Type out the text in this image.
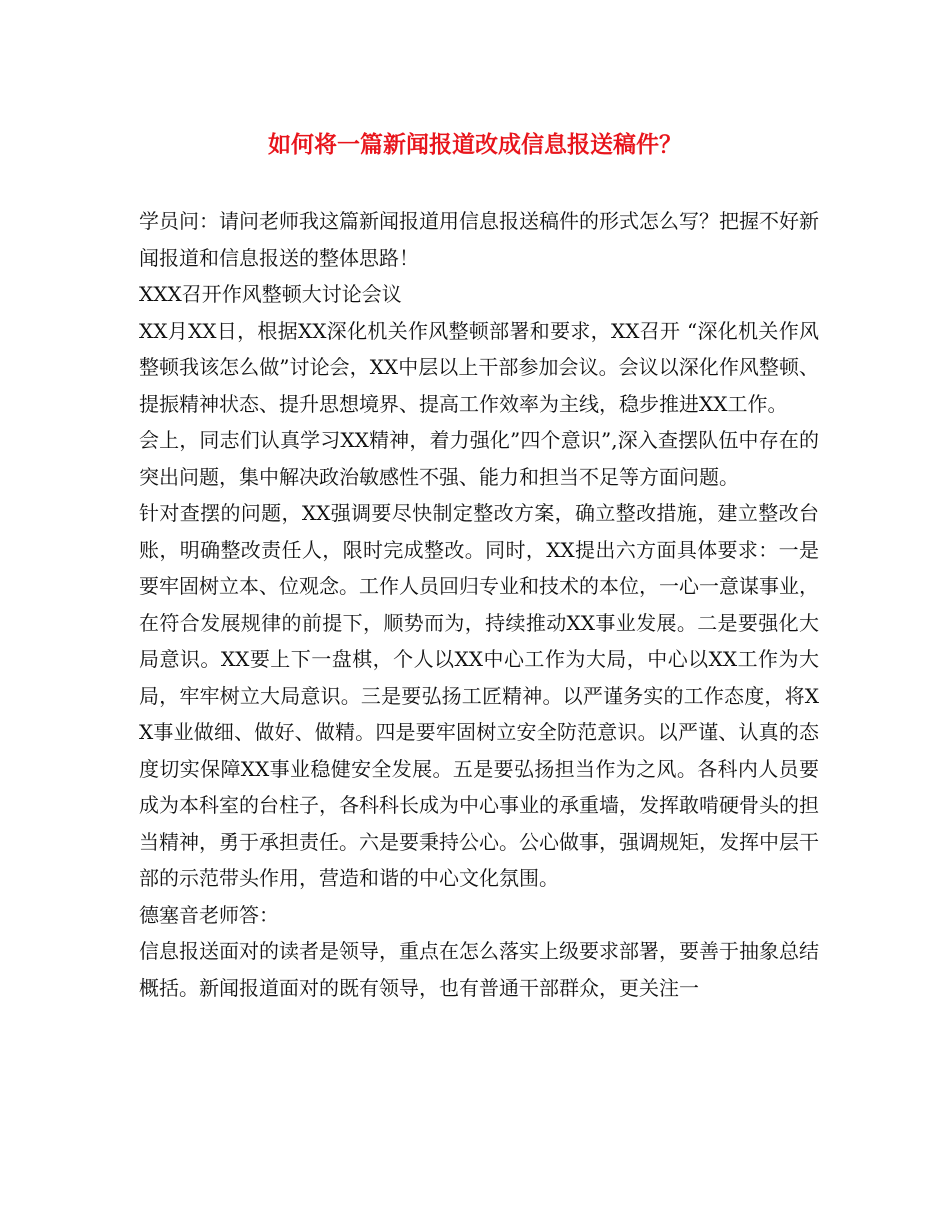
如何将一篇新闻报道改成信息报送稿件？

学员问：请问老师我这篇新闻报道用信息报送稿件的形式怎么写？把握不好新闻报道和信息报送的整体思路！

XXX召开作风整顿大讨论会议

XX月XX日，根据XX深化机关作风整顿部署和要求，XX召开 “深化机关作风整顿我该怎么做”讨论会，XX中层以上干部参加会议。会议以深化作风整顿、提振精神状态、提升思想境界、提高工作效率为主线，稳步推进XX工作。

会上，同志们认真学习XX精神，着力强化”四个意识”,深入查摆队伍中存在的突出问题，集中解决政治敏感性不强、能力和担当不足等方面问题。

针对查摆的问题，XX强调要尽快制定整改方案，确立整改措施，建立整改台账，明确整改责任人，限时完成整改。同时，XX提出六方面具体要求：一是要牢固树立本、位观念。工作人员回归专业和技术的本位，一心一意谋事业，在符合发展规律的前提下，顺势而为，持续推动XX事业发展。二是要强化大局意识。XX要上下一盘棋，个人以XX中心工作为大局，中心以XX工作为大局，牢牢树立大局意识。三是要弘扬工匠精神。以严谨务实的工作态度，将XX事业做细、做好、做精。四是要牢固树立安全防范意识。以严谨、认真的态度切实保障XX事业稳健安全发展。五是要弘扬担当作为之风。各科内人员要成为本科室的台柱子，各科科长成为中心事业的承重墙，发挥敢啃硬骨头的担当精神，勇于承担责任。六是要秉持公心。公心做事，强调规矩，发挥中层干部的示范带头作用，营造和谐的中心文化氛围。

德塞音老师答：

信息报送面对的读者是领导，重点在怎么落实上级要求部署，要善于抽象总结概括。新闻报道面对的既有领导，也有普通干部群众，更关注一
